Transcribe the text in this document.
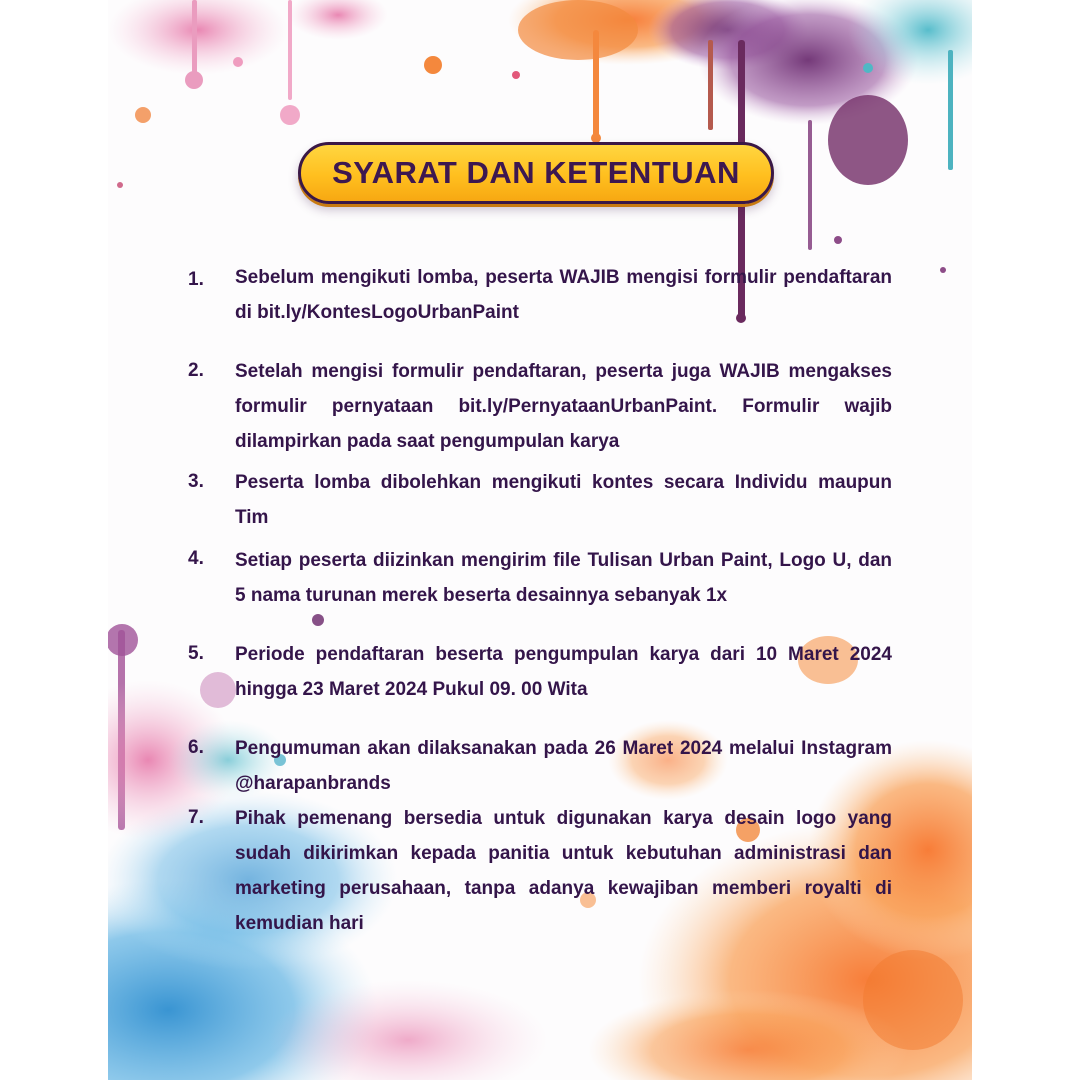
SYARAT DAN KETENTUAN
1.	Sebelum mengikuti lomba, peserta WAJIB mengisi formulir pendaftaran di bit.ly/KontesLogoUrbanPaint
2.	Setelah mengisi formulir pendaftaran, peserta juga WAJIB mengakses formulir pernyataan bit.ly/PernyataanUrbanPaint. Formulir wajib dilampirkan pada saat pengumpulan karya
3.	Peserta lomba dibolehkan mengikuti kontes secara Individu maupun Tim
4.	Setiap peserta diizinkan mengirim file Tulisan Urban Paint, Logo U, dan 5 nama turunan merek beserta desainnya sebanyak 1x
5.	Periode pendaftaran beserta pengumpulan karya dari 10 Maret 2024 hingga 23 Maret 2024 Pukul 09. 00 Wita
6.	Pengumuman akan dilaksanakan pada 26 Maret 2024 melalui Instagram @harapanbrands
7.	Pihak pemenang bersedia untuk digunakan karya desain logo yang sudah dikirimkan kepada panitia untuk kebutuhan administrasi dan marketing perusahaan, tanpa adanya kewajiban memberi royalti di kemudian hari
